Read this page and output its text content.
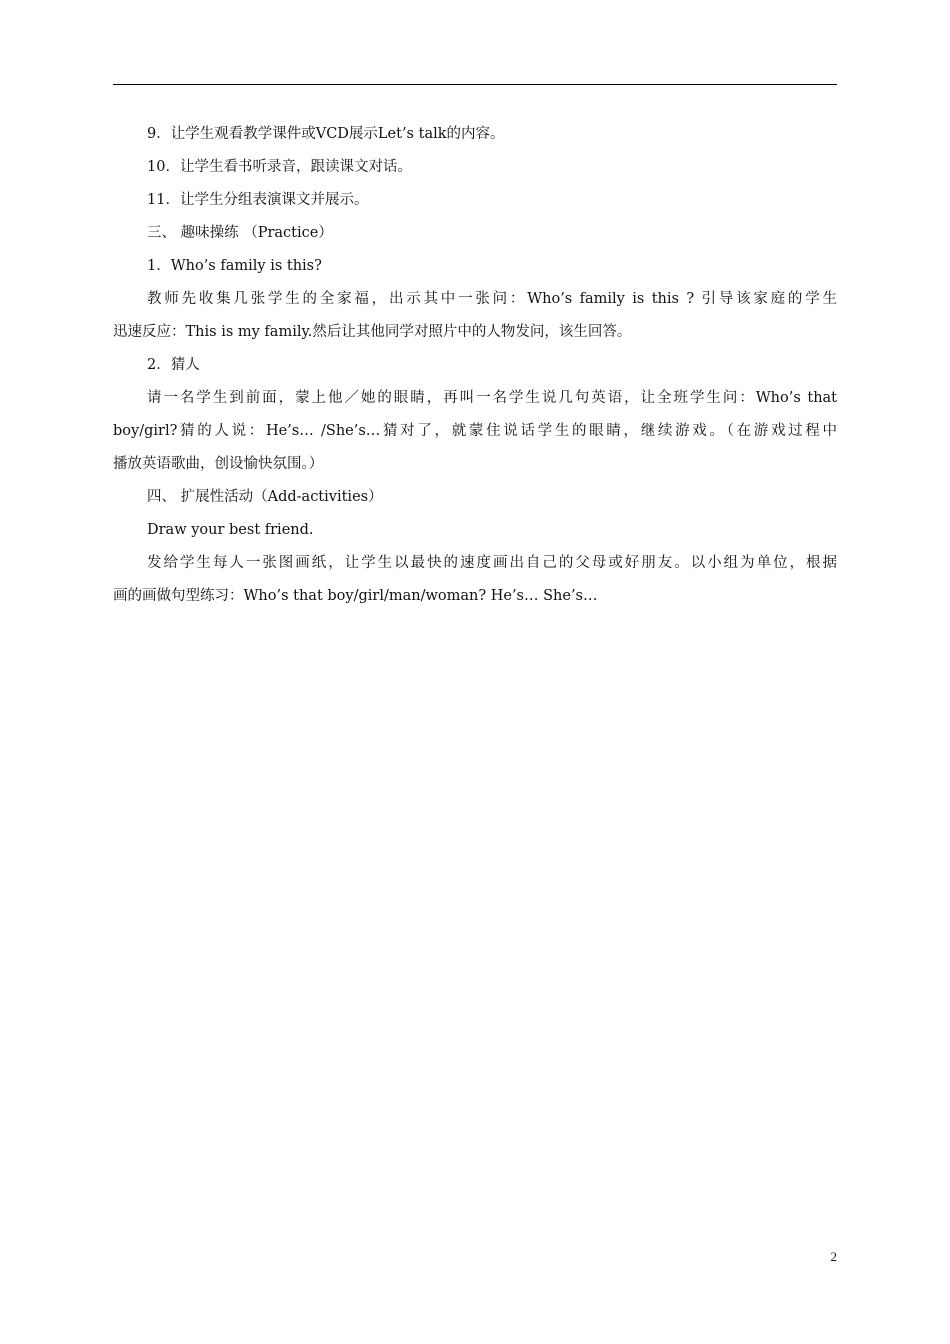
9．让学生观看教学课件或VCD展示Let’s talk的内容。

10．让学生看书听录音，跟读课文对话。

11．让学生分组表演课文并展示。

三、 趣味操练 （Practice）

1．Who’s family is this?

教师先收集几张学生的全家福，出示其中一张问：Who’s family is this ? 引导该家庭的学生

迅速反应：This is my family.然后让其他同学对照片中的人物发问，该生回答。

2．猜人

请一名学生到前面，蒙上他／她的眼睛，再叫一名学生说几句英语，让全班学生问：Who’s that

boy/girl?猜的人说：He’s… /She’s…猜对了，就蒙住说话学生的眼睛，继续游戏。（在游戏过程中

播放英语歌曲，创设愉快氛围。）

四、 扩展性活动（Add-activities）

Draw your best friend.

发给学生每人一张图画纸，让学生以最快的速度画出自己的父母或好朋友。以小组为单位，根据

画的画做句型练习：Who’s that boy/girl/man/woman? He’s… She’s…

2
